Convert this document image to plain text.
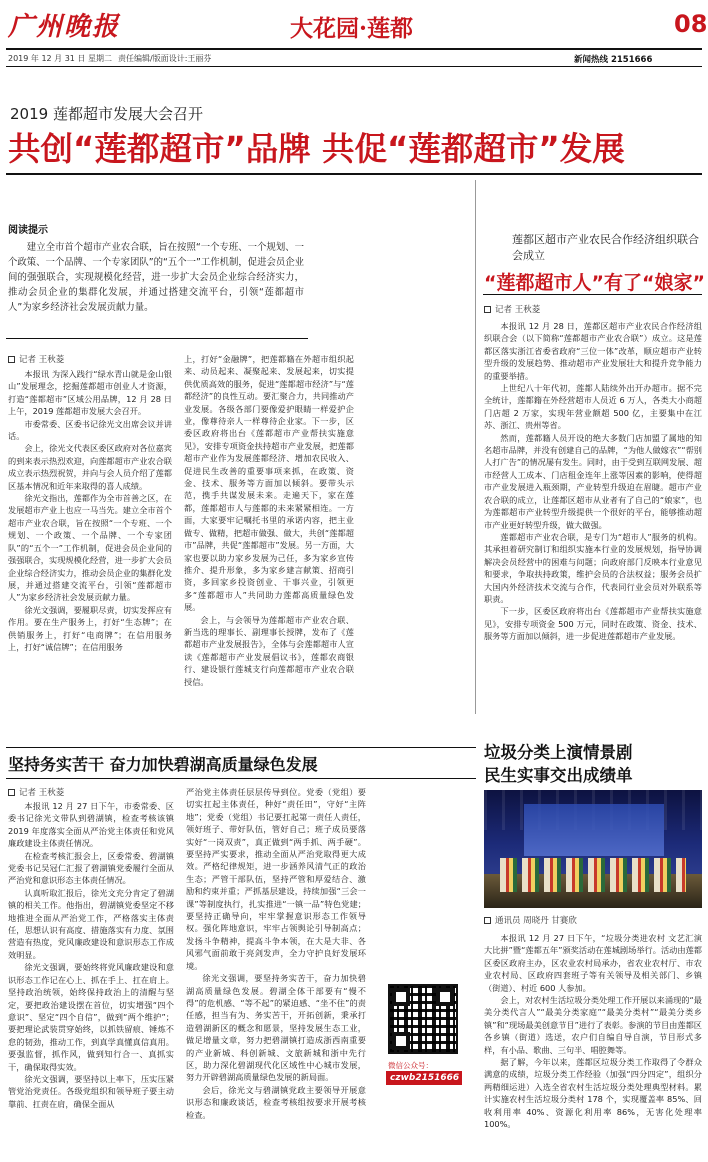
广州晚报	大花园·莲都	08
2019 年 12 月 31 日 星期二 责任编辑/版面设计:王丽芬	新闻热线 2151666
2019 莲都超市发展大会召开
共创“莲都超市”品牌 共促“莲都超市”发展
阅读提示
建立全市首个超市产业农合联，旨在按照“一个专班、一个规划、一个政策、一个品牌、一个专家团队”的“五个一”工作机制，促进会员企业间的强强联合，实现规模化经营，进一步扩大会员企业综合经济实力，推动会员企业的集群化发展，并通过搭建交流平台，引领“莲都超市人”为家乡经济社会发展贡献力量。
记者 王秋菱

本报讯 为深入践行“绿水青山就是金山银山”发展理念，挖掘莲都超市创业人才资源，打造“莲都超市”区域公用品牌，12 月 28 日上午，2019 莲都超市发展大会召开。

市委常委、区委书记徐光文出席会议并讲话。

会上，徐光文代表区委区政府对各位嘉宾的到来表示热烈欢迎，向莲都超市产业农合联成立表示热烈祝贺，并向与会人员介绍了莲都区基本情况和近年来取得的喜人成绩。

徐光文指出，莲都作为全市首善之区，在发展超市产业上也应一马当先。建立全市首个超市产业农合联，旨在按照“一个专班、一个规划、一个政策、一个品牌、一个专家团队”的“五个一”工作机制，促进会员企业间的强强联合，实现规模化经营，进一步扩大会员企业综合经济实力，推动会员企业的集群化发展，并通过搭建交流平台，引领“莲都超市人”为家乡经济社会发展贡献力量。

徐光文强调，要履职尽责，切实发挥应有作用。要在生产服务上，打好“生态牌”；在供销服务上，打好“电商牌”；在信用服务上，打好“诚信牌”；在信用服务

上，打好“金融牌”，把莲都籍在外超市组织起来、动员起来、凝聚起来、发展起来，切实提供优质高效的服务，促进“莲都超市经济”与“莲都经济”的良性互动。要汇聚合力，共同推动产业发展。各级各部门要像爱护眼睛一样爱护企业，像尊待亲人一样尊待企业家。下一步，区委区政府将出台《莲都超市产业帮扶实施意见》，安排专项资金扶持超市产业发展，把莲都超市产业作为发展莲都经济、增加农民收入、促进民生改善的重要事项来抓，在政策、资金、技术、服务等方面加以倾斜。要带头示范，携手共谋发展未来。走遍天下，家在莲都，莲都超市人与莲都的未来紧紧相连。一方面，大家要牢记嘱托书里的承诺内容，把主业做专、做精，把超市做强、做大，共创“莲都超市”品牌，共促“莲都超市”发展。另一方面，大家也要以助力家乡发展为己任，多为家乡宣传推介、提升形象，多为家乡建言献策、招商引资，多回家乡投资创业、干事兴业，引领更多“莲都超市人”共同助力莲都高质量绿色发展。

会上，与会领导为莲都超市产业农合联、新当选的理事长、副理事长授牌，发布了《莲都超市产业发展报告》，全体与会莲都超市人宣读《莲都超市产业发展倡议书》，莲都农商银行、建设银行莲城支行向莲都超市产业农合联授信。

莲都区超市产业农民合作经济组织联合会成立
“莲都超市人”有了“娘家”
记者 王秋菱

本报讯 12 月 28 日，莲都区超市产业农民合作经济组织联合会（以下简称“莲都超市产业农合联”）成立。这是莲都区落实浙江省委省政府“三位一体”改革，顺应超市产业转型升级的发展趋势、推动超市产业发展壮大和提升竞争能力的重要举措。

上世纪八十年代初，莲都人陆续外出开办超市。据不完全统计，莲都籍在外经营超市人员近 6 万人，各类大小商超门店超 2 万家，实现年营业额超 500 亿，主要集中在江苏、浙江、贵州等省。

然而，莲都籍人员开设的绝大多数门店加盟了属地的知名超市品牌，并没有创建自己的品牌，“为他人做嫁衣”“帮别人打广告”的情况屡有发生。同时，由于受到互联网发展、超市经营人工成本、门店租金连年上涨等因素的影响，使得超市产业发展进入瓶颈期，产业转型升级迫在眉睫。超市产业农合联的成立，让莲都区超市从业者有了自己的“娘家”，也为莲都超市产业转型升级提供一个很好的平台，能够推动超市产业更好转型升级，做大做强。

莲都超市产业农合联，是专门为“超市人”服务的机构。其承担着研究制订和组织实施本行业的发展规划，指导协调解决会员经营中的困难与问题；向政府部门反映本行业意见和要求，争取扶持政策，维护会员的合法权益；服务会员扩大国内外经济技术交流与合作，代表同行业会员对外联系等职责。

下一步，区委区政府将出台《莲都超市产业帮扶实施意见》，安排专项资金 500 万元，同时在政策、资金、技术、服务等方面加以倾斜，进一步促进莲都超市产业发展。

坚持务实苦干 奋力加快碧湖高质量绿色发展
记者 王秋菱

本报讯 12 月 27 日下午，市委常委、区委书记徐光文带队到碧湖镇，检查考核该镇 2019 年度落实全面从严治党主体责任和党风廉政建设主体责任情况。

在检查考核汇报会上，区委常委、碧湖镇党委书记吴冠仁汇报了碧湖镇党委履行全面从严治党和意识形态主体责任情况。

认真听取汇报后，徐光文充分肯定了碧湖镇的相关工作。他指出，碧湖镇党委坚定不移地推进全面从严治党工作，严格落实主体责任，思想认识有高度、措施落实有力度、氛围营造有热度，党风廉政建设和意识形态工作成效明显。

徐光文强调，要始终将党风廉政建设和意识形态工作记在心上、抓在手上、扛在肩上。坚持政治统领，始终保持政治上的清醒与坚定，要把政治建设摆在首位，切实增强“四个意识”、坚定“四个自信”，做到“两个维护”；要把理论武装贯穿始终，以抓铁留痕、锤炼不怠的韧劲，推动工作，到真学真懂真信真用。要强监督，抓作风，做到知行合一、真抓实干，确保取得实效。

徐光文强调，要坚持以上率下，压实压紧管党治党责任。各级党组织和领导班子要主动靠前、扛责在肩，确保全面从

严治党主体责任层层传导到位。党委（党组）要切实扛起主体责任，种好“责任田”，守好“主阵地”；党委（党组）书记要扛起第一责任人责任，领好班子、带好队伍，管好自己；班子成员要落实好“一岗双责”，真正做到“两手抓、两手硬”。要坚持严实要求，推动全面从严治党取得更大成效。严格纪律规矩，进一步涵养风清气正的政治生态；严管干部队伍，坚持严管和厚爱结合、激励和约束并重；严抓基层建设，持续加强“三会一课”等制度执行，扎实推进“一镇一品”特色党建；要坚持正确导向，牢牢掌握意识形态工作领导权。强化阵地意识，牢牢占领舆论引导制高点；发扬斗争精神，提高斗争本领，在大是大非、各风邪气面前敢于亮剑发声，全力守护良好发展环境。

徐光文强调，要坚持务实苦干，奋力加快碧湖高质量绿色发展。碧湖全体干部要有“慢不得”的危机感、“等不起”的紧迫感、“坐不住”的责任感，担当有为、务实苦干，开拓创新，秉承打造碧湖新区的概念和愿景，坚持发展生态工业，做足增量文章，努力把碧湖镇打造成浙西南重要的产业新城、科创新城、文旅新城和浙中先行区，助力深化碧湖现代化区域性中心城市发展，努力开辟碧湖高质量绿色发展的新局面。

会后，徐光文与碧湖镇党政主要领导开展意识形态和廉政谈话，检查考核组按要求开展考核检查。

微信公众号：
czwb2151666
垃圾分类上演情景剧
民生实事交出成绩单
通讯员 周晓丹 甘赛欣

本报讯 12 月 27 日下午，“垃圾分类进农村 文艺汇演大比拼”暨“莲都五年”颁奖活动在莲城剧场举行。活动由莲都区委区政府主办，区农业农村局承办，省农业农村厅、市农业农村局、区政府四套班子等有关领导及相关部门、乡镇（街道）、村近 600 人参加。

会上，对农村生活垃圾分类处理工作开展以来涌现的“最美分类代言人”“最美分类家庭”“最美分类村”“最美分类乡镇”和“现场最美创意节目”进行了表彰。参演的节目由莲都区各乡镇（街道）选送，农户们自编自导自演，节目形式多样，有小品、歌曲、三句半、唱腔舞等。

据了解，今年以来，莲都区垃圾分类工作取得了令群众满意的成绩，垃圾分类工作经验（加强“四分四定”，组织分两精细运进）入选全省农村生活垃圾分类处理典型材料。累计实施农村生活垃圾分类村 178 个，实现覆盖率 85%、回收利用率 40%、资源化利用率 86%，无害化处理率 100%。
